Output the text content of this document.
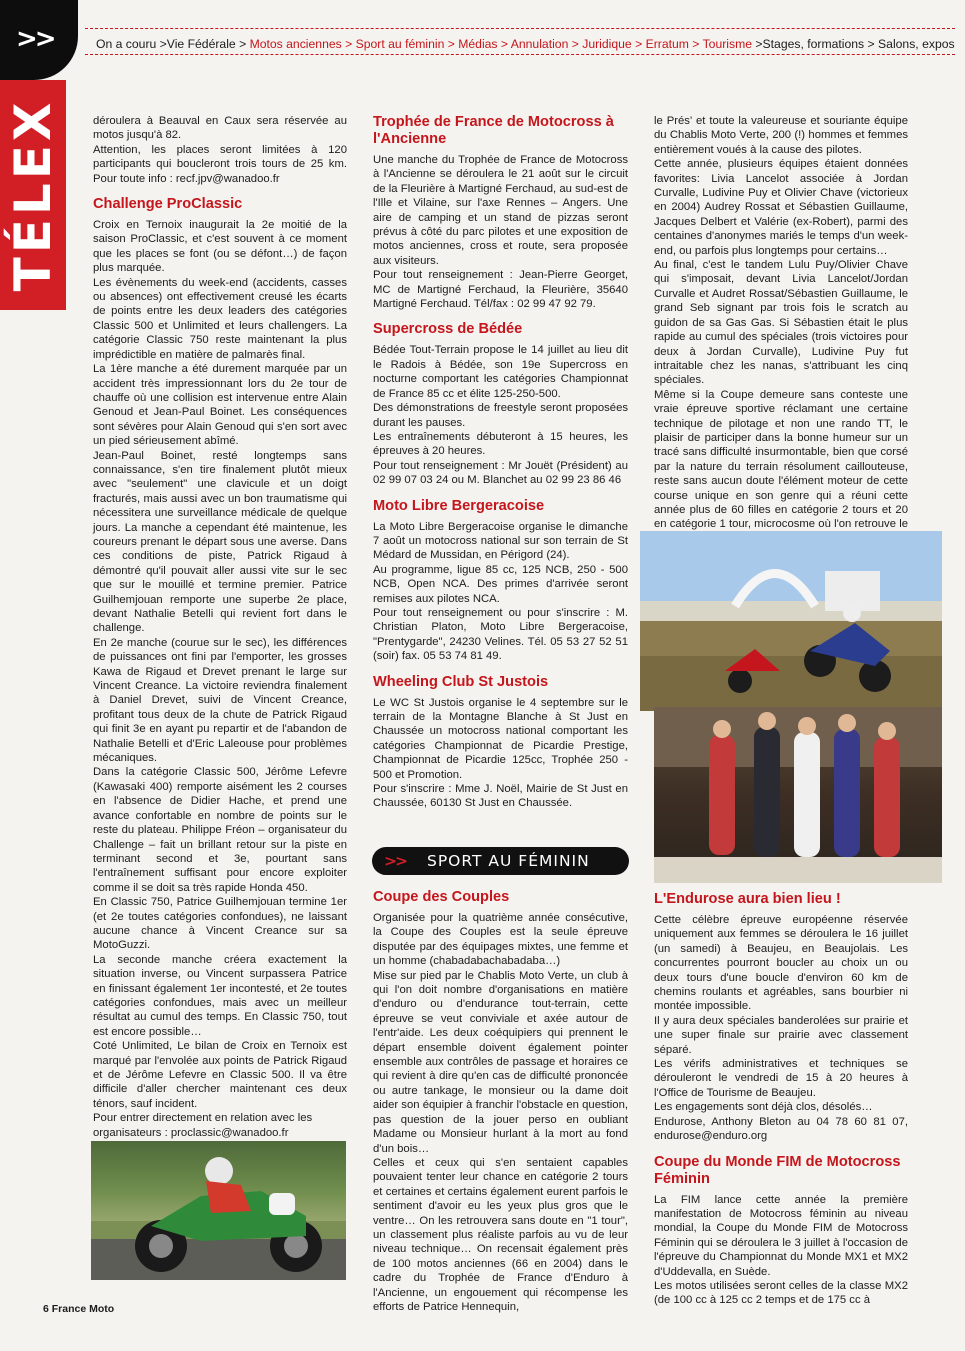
>>
TÉLEX
On a couru >Vie Fédérale > Motos anciennes > Sport au féminin > Médias > Annulation > Juridique > Erratum > Tourisme >Stages, formations > Salons, expos

déroulera à Beauval en Caux sera réservée au motos jusqu'à 82.

Attention, les places seront limitées à 120 participants qui boucleront trois tours de 25 km. Pour toute info : recf.jpv@wanadoo.fr

Challenge ProClassic

Croix en Ternoix inaugurait la 2e moitié de la saison ProClassic, et c'est souvent à ce moment que les places se font (ou se défont…) de façon plus marquée.

Les évènements du week-end (accidents, casses ou absences) ont effectivement creusé les écarts de points entre les deux leaders des catégories Classic 500 et Unlimited et leurs challengers. La catégorie Classic 750 reste maintenant la plus imprédictible en matière de palmarès final.

La 1ère manche a été durement marquée par un accident très impressionnant lors du 2e tour de chauffe où une collision est intervenue entre Alain Genoud et Jean-Paul Boinet. Les conséquences sont sévères pour Alain Genoud qui s'en sort avec un pied sérieusement abîmé.

Jean-Paul Boinet, resté longtemps sans connaissance, s'en tire finalement plutôt mieux avec "seulement" une clavicule et un doigt fracturés, mais aussi avec un bon traumatisme qui nécessitera une surveillance médicale de quelque jours. La manche a cependant été maintenue, les coureurs prenant le départ sous une averse. Dans ces conditions de piste, Patrick Rigaud à démontré qu'il pouvait aller aussi vite sur le sec que sur le mouillé et termine premier. Patrice Guilhemjouan remporte une superbe 2e place, devant Nathalie Betelli qui revient fort dans le challenge.

En 2e manche (courue sur le sec), les différences de puissances ont fini par l'emporter, les grosses Kawa de Rigaud et Drevet prenant le large sur Vincent Creance. La victoire reviendra finalement à Daniel Drevet, suivi de Vincent Creance, profitant tous deux de la chute de Patrick Rigaud qui finit 3e en ayant pu repartir et de l'abandon de Nathalie Betelli et d'Eric Laleouse pour problèmes mécaniques.

Dans la catégorie Classic 500, Jérôme Lefevre (Kawasaki 400) remporte aisément les 2 courses en l'absence de Didier Hache, et prend une avance confortable en nombre de points sur le reste du plateau. Philippe Fréon – organisateur du Challenge – fait un brillant retour sur la piste en terminant second et 3e, pourtant sans l'entraînement suffisant pour encore exploiter comme il se doit sa très rapide Honda 450.

En Classic 750, Patrice Guilhemjouan termine 1er (et 2e toutes catégories confondues), ne laissant aucune chance à Vincent Creance sur sa MotoGuzzi.

La seconde manche créera exactement la situation inverse, ou Vincent surpassera Patrice en finissant également 1er incontesté, et 2e toutes catégories confondues, mais avec un meilleur résultat au cumul des temps. En Classic 750, tout est encore possible…

Coté Unlimited, Le bilan de Croix en Ternoix est marqué par l'envolée aux points de Patrick Rigaud et de Jérôme Lefevre en Classic 500. Il va être difficile d'aller chercher maintenant ces deux ténors, sauf incident.

Pour entrer directement en relation avec les organisateurs : proclassic@wanadoo.fr

Trophée de France de Motocross à l'Ancienne

Une manche du Trophée de France de Motocross à l'Ancienne se déroulera le 21 août sur le circuit de la Fleurière à Martigné Ferchaud, au sud-est de l'Ille et Vilaine, sur l'axe Rennes – Angers. Une aire de camping et un stand de pizzas seront prévus à côté du parc pilotes et une exposition de motos anciennes, cross et route, sera proposée aux visiteurs.

Pour tout renseignement : Jean-Pierre Georget, MC de Martigné Ferchaud, la Fleurière, 35640 Martigné Ferchaud. Tél/fax : 02 99 47 92 79.

Supercross de Bédée

Bédée Tout-Terrain propose le 14 juillet au lieu dit le Radois à Bédée, son 19e Supercross en nocturne comportant les catégories Championnat de France 85 cc et élite 125-250-500.

Des démonstrations de freestyle seront proposées durant les pauses.

Les entraînements débuteront à 15 heures, les épreuves à 20 heures.

Pour tout renseignement : Mr Jouët (Président) au 02 99 07 03 24 ou M. Blanchet au 02 99 23 86 46

Moto Libre Bergeracoise

La Moto Libre Bergeracoise organise le dimanche 7 août un motocross national sur son terrain de St Médard de Mussidan, en Périgord (24).

Au programme, ligue 85 cc, 125 NCB, 250 - 500 NCB, Open NCA. Des primes d'arrivée seront remises aux pilotes NCA.

Pour tout renseignement ou pour s'inscrire : M. Christian Platon, Moto Libre Bergeracoise, "Prentygarde", 24230 Velines. Tél. 05 53 27 52 51 (soir) fax. 05 53 74 81 49.

Wheeling Club St Justois

Le WC St Justois organise le 4 septembre sur le terrain de la Montagne Blanche à St Just en Chaussée un motocross national comportant les catégories Championnat de Picardie Prestige, Championnat de Picardie 125cc, Trophée 250 - 500 et Promotion.

Pour s'inscrire : Mme J. Noël, Mairie de St Just en Chaussée, 60130 St Just en Chaussée.

>> SPORT AU FÉMININ
Coupe des Couples

Organisée pour la quatrième année consécutive, la Coupe des Couples est la seule épreuve disputée par des équipages mixtes, une femme et un homme (chabadabachabadaba…)

Mise sur pied par le Chablis Moto Verte, un club à qui l'on doit nombre d'organisations en matière d'enduro ou d'endurance tout-terrain, cette épreuve se veut conviviale et axée autour de l'entr'aide. Les deux coéquipiers qui prennent le départ ensemble doivent également pointer ensemble aux contrôles de passage et horaires ce qui revient à dire qu'en cas de difficulté prononcée ou autre tankage, le monsieur ou la dame doit aider son équipier à franchir l'obstacle en question, pas question de la jouer perso en oubliant Madame ou Monsieur hurlant à la mort au fond d'un bois…

Celles et ceux qui s'en sentaient capables pouvaient tenter leur chance en catégorie 2 tours et certaines et certains également eurent parfois le sentiment d'avoir eu les yeux plus gros que le ventre… On les retrouvera sans doute en "1 tour", un classement plus réaliste parfois au vu de leur niveau technique… On recensait également près de 100 motos anciennes (66 en 2004) dans le cadre du Trophée de France d'Enduro à l'Ancienne, un engouement qui récompense les efforts de Patrice Hennequin,

le Prés' et toute la valeureuse et souriante équipe du Chablis Moto Verte, 200 (!) hommes et femmes entièrement voués à la cause des pilotes.

Cette année, plusieurs équipes étaient données favorites: Livia Lancelot associée à Jordan Curvalle, Ludivine Puy et Olivier Chave (victorieux en 2004) Audrey Rossat et Sébastien Guillaume, Jacques Delbert et Valérie (ex-Robert), parmi des centaines d'anonymes mariés le temps d'un week-end, ou parfois plus longtemps pour certains…

Au final, c'est le tandem Lulu Puy/Olivier Chave qui s'imposait, devant Livia Lancelot/Jordan Curvalle et Audret Rossat/Sébastien Guillaume, le grand Seb signant par trois fois le scratch au guidon de sa Gas Gas. Si Sébastien était le plus rapide au cumul des spéciales (trois victoires pour deux à Jordan Curvalle), Ludivine Puy fut intraitable chez les nanas, s'attribuant les cinq spéciales.

Même si la Coupe demeure sans conteste une vraie épreuve sportive réclamant une certaine technique de pilotage et non une rando TT, le plaisir de participer dans la bonne humeur sur un tracé sans difficulté insurmontable, bien que corsé par la nature du terrain résolument caillouteuse, reste sans aucun doute l'élément moteur de cette course unique en son genre qui a réuni cette année plus de 60 filles en catégorie 2 tours et 20 en catégorie 1 tour, microcosme où l'on retrouve le

L'Endurose aura bien lieu !

Cette célèbre épreuve européenne réservée uniquement aux femmes se déroulera le 16 juillet (un samedi) à Beaujeu, en Beaujolais. Les concurrentes pourront boucler au choix un ou deux tours d'une boucle d'environ 60 km de chemins roulants et agréables, sans bourbier ni montée impossible.

Il y aura deux spéciales banderolées sur prairie et une super finale sur prairie avec classement séparé.

Les vérifs administratives et techniques se dérouleront le vendredi de 15 à 20 heures à l'Office de Tourisme de Beaujeu.

Les engagements sont déjà clos, désolés…

Endurose, Anthony Bleton au 04 78 60 81 07, endurose@enduro.org

Coupe du Monde FIM de Motocross Féminin

La FIM lance cette année la première manifestation de Motocross féminin au niveau mondial, la Coupe du Monde FIM de Motocross Féminin qui se déroulera le 3 juillet à l'occasion de l'épreuve du Championnat du Monde MX1 et MX2 d'Uddevalla, en Suède.

Les motos utilisées seront celles de la classe MX2 (de 100 cc à 125 cc 2 temps et de 175 cc à

6 France Moto
